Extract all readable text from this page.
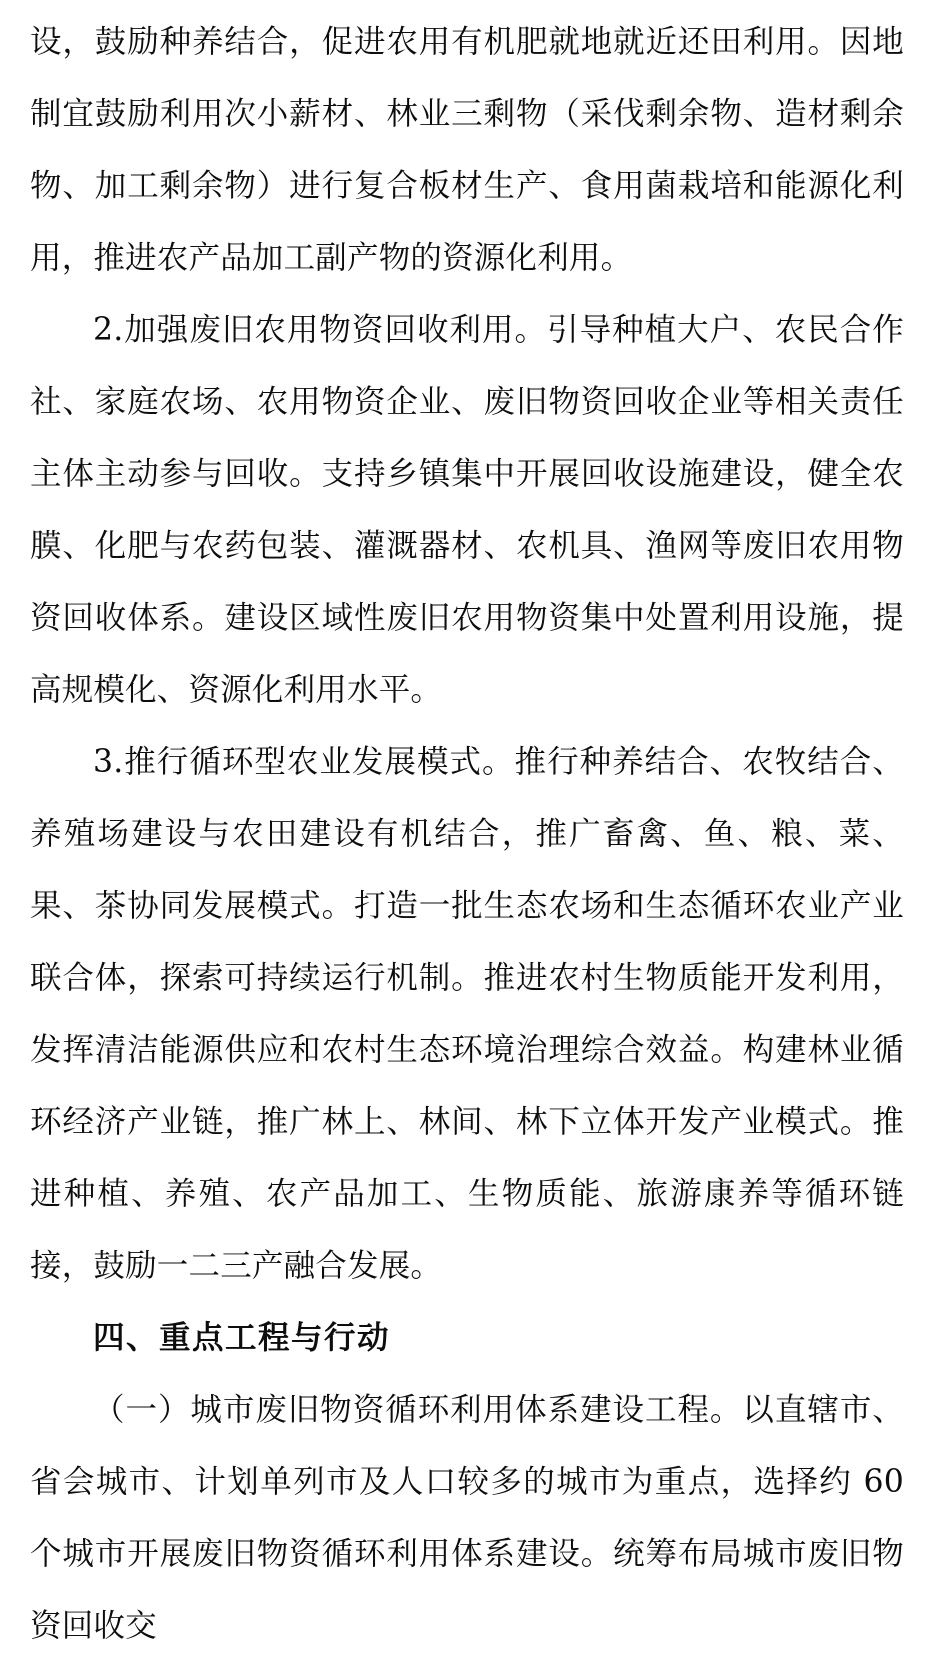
设，鼓励种养结合，促进农用有机肥就地就近还田利用。因地制宜鼓励利用次小薪材、林业三剩物（采伐剩余物、造材剩余物、加工剩余物）进行复合板材生产、食用菌栽培和能源化利用，推进农产品加工副产物的资源化利用。

2.加强废旧农用物资回收利用。引导种植大户、农民合作社、家庭农场、农用物资企业、废旧物资回收企业等相关责任主体主动参与回收。支持乡镇集中开展回收设施建设，健全农膜、化肥与农药包装、灌溉器材、农机具、渔网等废旧农用物资回收体系。建设区域性废旧农用物资集中处置利用设施，提高规模化、资源化利用水平。

3.推行循环型农业发展模式。推行种养结合、农牧结合、养殖场建设与农田建设有机结合，推广畜禽、鱼、粮、菜、果、茶协同发展模式。打造一批生态农场和生态循环农业产业联合体，探索可持续运行机制。推进农村生物质能开发利用，发挥清洁能源供应和农村生态环境治理综合效益。构建林业循环经济产业链，推广林上、林间、林下立体开发产业模式。推进种植、养殖、农产品加工、生物质能、旅游康养等循环链接，鼓励一二三产融合发展。

四、重点工程与行动

（一）城市废旧物资循环利用体系建设工程。以直辖市、省会城市、计划单列市及人口较多的城市为重点，选择约 60 个城市开展废旧物资循环利用体系建设。统筹布局城市废旧物资回收交
